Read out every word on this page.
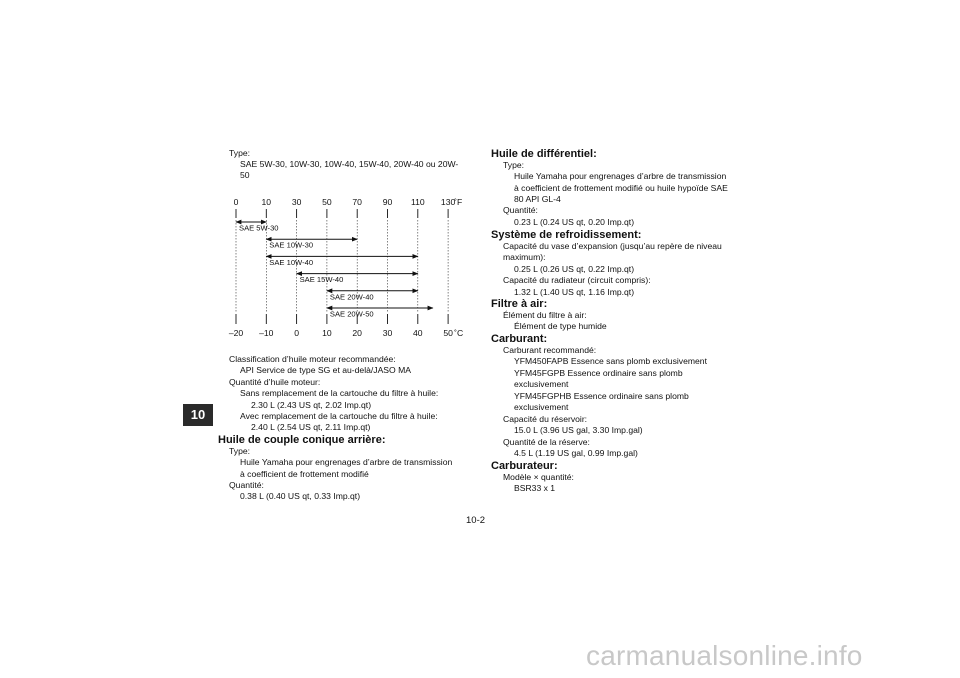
Type:
SAE 5W-30, 10W-30, 10W-40, 15W-40, 20W-40 ou 20W-
50
0
–20
10
–10
30
0
50
10
70
20
90
30
110
40
130
50
˚F
˚C
SAE 5W-30
SAE 10W-30
SAE 10W-40
SAE 15W-40
SAE 20W-40
SAE 20W-50
Classification d’huile moteur recommandée:
API Service de type SG et au-delà/JASO MA
Quantité d’huile moteur:
Sans remplacement de la cartouche du filtre à huile:
2.30 L (2.43 US qt, 2.02 Imp.qt)
Avec remplacement de la cartouche du filtre à huile:
2.40 L (2.54 US qt, 2.11 Imp.qt)
Huile de couple conique arrière:
Type:
Huile Yamaha pour engrenages d’arbre de transmission
à coefficient de frottement modifié
Quantité:
0.38 L (0.40 US qt, 0.33 Imp.qt)
Huile de différentiel:
Type:
Huile Yamaha pour engrenages d’arbre de transmission
à coefficient de frottement modifié ou huile hypoïde SAE
80 API GL-4
Quantité:
0.23 L (0.24 US qt, 0.20 Imp.qt)
Système de refroidissement:
Capacité du vase d’expansion (jusqu’au repère de niveau
maximum):
0.25 L (0.26 US qt, 0.22 Imp.qt)
Capacité du radiateur (circuit compris):
1.32 L (1.40 US qt, 1.16 Imp.qt)
Filtre à air:
Élément du filtre à air:
Élément de type humide
Carburant:
Carburant recommandé:
YFM450FAPB Essence sans plomb exclusivement
YFM45FGPB Essence ordinaire sans plomb
exclusivement
YFM45FGPHB Essence ordinaire sans plomb
exclusivement
Capacité du réservoir:
15.0 L (3.96 US gal, 3.30 Imp.gal)
Quantité de la réserve:
4.5 L (1.19 US gal, 0.99 Imp.gal)
Carburateur:
Modèle × quantité:
BSR33 x 1
10
10-2
carmanualsonline.info
